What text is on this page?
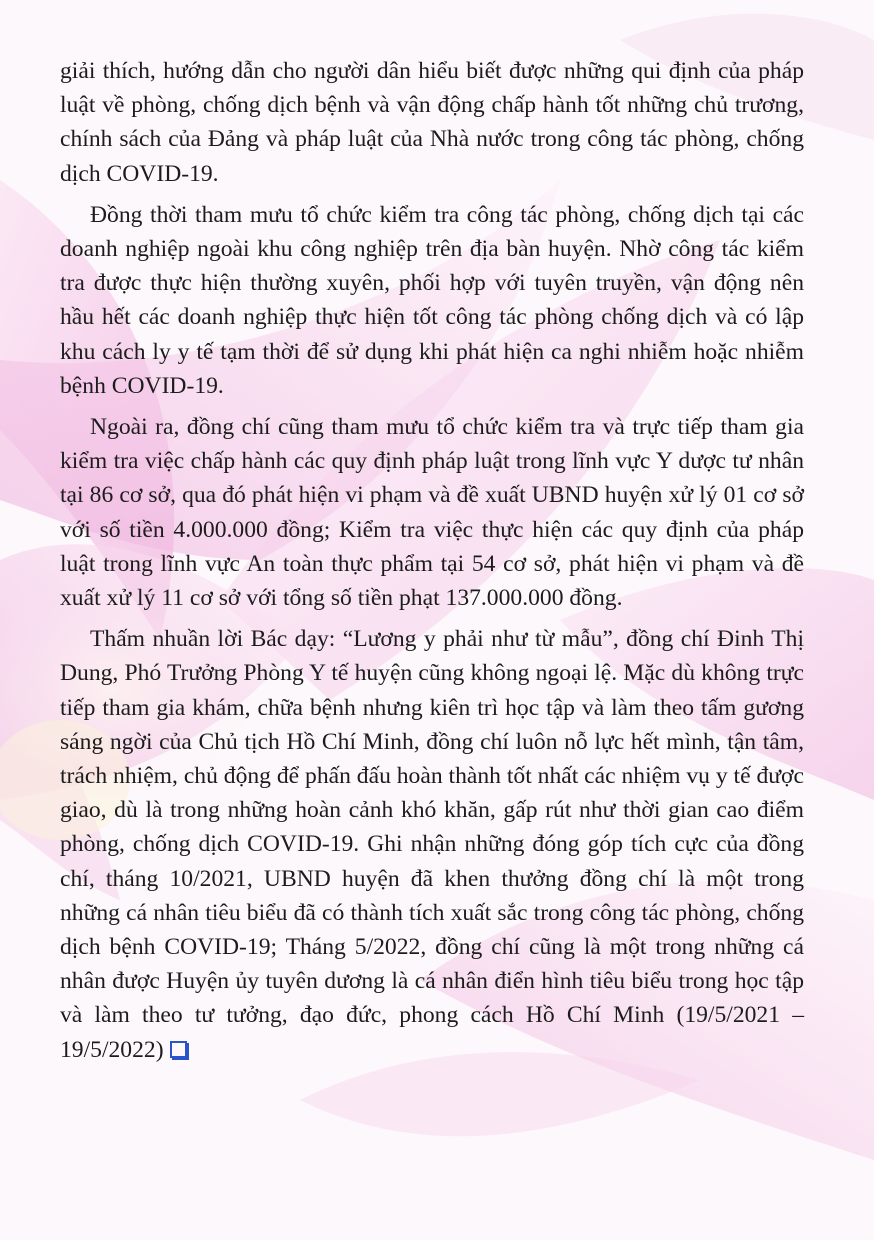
giải thích, hướng dẫn cho người dân hiểu biết được những qui định của pháp luật về phòng, chống dịch bệnh và vận động chấp hành tốt những chủ trương, chính sách của Đảng và pháp luật của Nhà nước trong công tác phòng, chống dịch COVID-19.

Đồng thời tham mưu tổ chức kiểm tra công tác phòng, chống dịch tại các doanh nghiệp ngoài khu công nghiệp trên địa bàn huyện. Nhờ công tác kiểm tra được thực hiện thường xuyên, phối hợp với tuyên truyền, vận động nên hầu hết các doanh nghiệp thực hiện tốt công tác phòng chống dịch và có lập khu cách ly y tế tạm thời để sử dụng khi phát hiện ca nghi nhiễm hoặc nhiễm bệnh COVID-19.

Ngoài ra, đồng chí cũng tham mưu tổ chức kiểm tra và trực tiếp tham gia kiểm tra việc chấp hành các quy định pháp luật trong lĩnh vực Y dược tư nhân tại 86 cơ sở, qua đó phát hiện vi phạm và đề xuất UBND huyện xử lý 01 cơ sở với số tiền 4.000.000 đồng; Kiểm tra việc thực hiện các quy định của pháp luật trong lĩnh vực An toàn thực phẩm tại 54 cơ sở, phát hiện vi phạm và đề xuất xử lý 11 cơ sở với tổng số tiền phạt 137.000.000 đồng.

Thấm nhuần lời Bác dạy: “Lương y phải như từ mẫu”, đồng chí Đinh Thị Dung, Phó Trưởng Phòng Y tế huyện cũng không ngoại lệ. Mặc dù không trực tiếp tham gia khám, chữa bệnh nhưng kiên trì học tập và làm theo tấm gương sáng ngời của Chủ tịch Hồ Chí Minh, đồng chí luôn nỗ lực hết mình, tận tâm, trách nhiệm, chủ động để phấn đấu hoàn thành tốt nhất các nhiệm vụ y tế được giao, dù là trong những hoàn cảnh khó khăn, gấp rút như thời gian cao điểm phòng, chống dịch COVID-19. Ghi nhận những đóng góp tích cực của đồng chí, tháng 10/2021, UBND huyện đã khen thưởng đồng chí là một trong những cá nhân tiêu biểu đã có thành tích xuất sắc trong công tác phòng, chống dịch bệnh COVID-19; Tháng 5/2022, đồng chí cũng là một trong những cá nhân được Huyện ủy tuyên dương là cá nhân điển hình tiêu biểu trong học tập và làm theo tư tưởng, đạo đức, phong cách Hồ Chí Minh (19/5/2021 – 19/5/2022)
